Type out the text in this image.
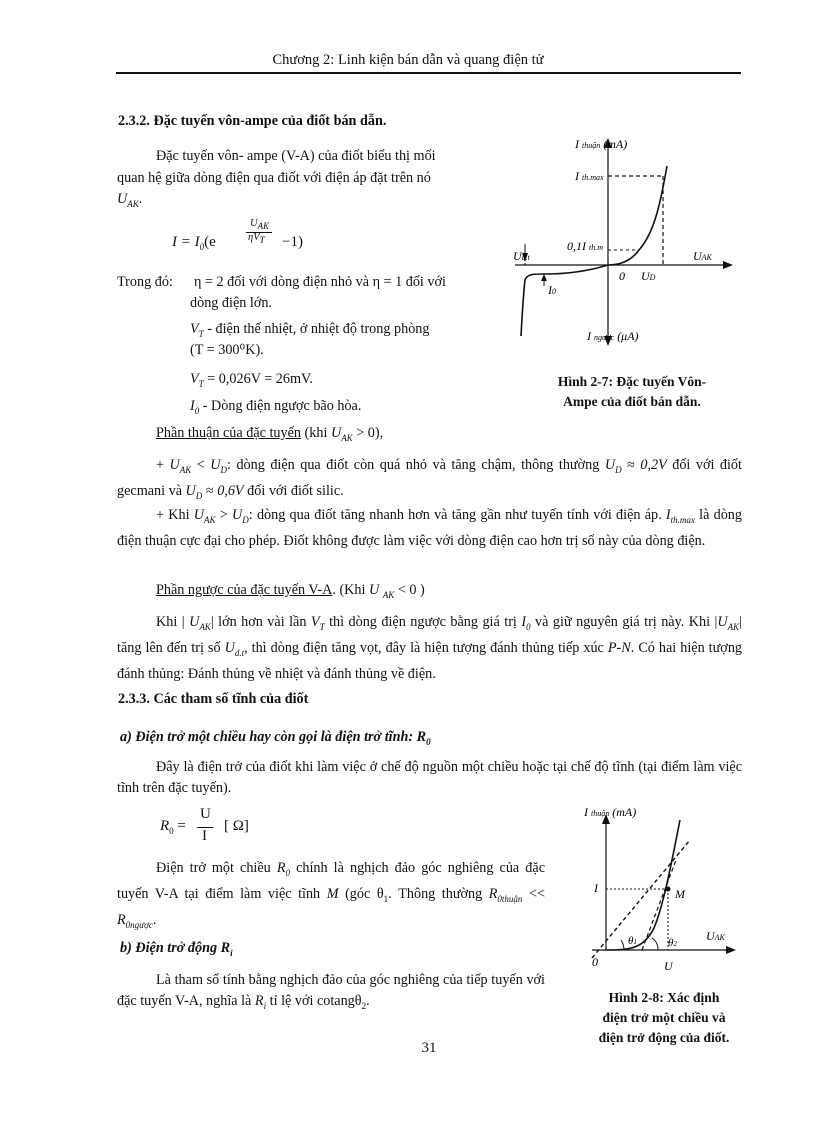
Chương 2: Linh kiện bán dẫn và quang điện tử
2.3.2. Đặc tuyến vôn-ampe của điốt bán dẫn.
Đặc tuyến vôn- ampe (V-A) của điốt biểu thị mối
quan hệ giữa dòng điện qua điốt với điện áp đặt trên nó
$U_{AK}$.
$I = I_0(e$
$U_{AK}$
$\eta V_T -1$)
Trong đó: η = 2 đối với dòng điện nhỏ và η = 1 đối với
dòng điện lớn.
$V_T$ - điện thế nhiệt, ở nhiệt độ trong phòng
(T = 300⁰K).
$V_T = 0,026V = 26mV$.
$I_0$ - Dòng điện ngược bão hòa.
Phần thuận của đặc tuyến (khi $U_{AK} > 0$),
+ $U_{AK} < U_D$: dòng điện qua điốt còn quá nhỏ và tăng chậm, thông thường $U_D \approx 0,2V$ đối với điốt gecmani và $U_D \approx 0,6V$ đối với điốt silic.
+ Khi $U_{AK} > U_D$: dòng qua điốt tăng nhanh hơn và tăng gần như tuyến tính với điện áp. $I_{th.max}$ là dòng điện thuận cực đại cho phép. Điốt không được làm việc với dòng điện cao hơn trị số này của dòng điện.
Phần ngược của đặc tuyến V-A. (Khi U $_{AK}$ < 0 )
Khi | $U_{AK}|$ lớn hơn vài lần $V_T$ thì dòng điện ngược bằng giá trị $I_0$ và giữ nguyên giá trị này. Khi $|U_{AK}|$ tăng lên đến trị số $U_{d.t}$, thì dòng điện tăng vọt, đây là hiện tượng đánh thủng tiếp xúc P-N. Có hai hiện tượng đánh thủng: Đánh thủng về nhiệt và đánh thủng về điện.
I thuận (mA)
I th.max
Ud.t
0,1I th.m
UAK
0 UD
I0
I ngược (μA)
Hình 2-7: Đặc tuyến Vôn-
Ampe của điốt bán dẫn.
2.3.3. Các tham số tĩnh của điốt
a) Điện trở một chiều hay còn gọi là điện trở tĩnh: $R_0$
Đây là điện trở của điốt khi làm việc ở chế độ nguồn một chiều hoặc tại chế độ tĩnh (tại điểm làm việc tĩnh trên đặc tuyến).
$R_0$ =
U
I
[ Ω]
Điện trở một chiều $R_0$ chính là nghịch đảo góc nghiêng của đặc tuyến V-A tại điểm làm việc tĩnh M (góc $\theta_1$. Thông thường $R_{0thuận} << R_{0ngược}$.
b) Điện trở động $R_i$
Là tham số tính bằng nghịch đảo của góc nghiêng của tiếp tuyến với đặc tuyến V-A, nghĩa là $R_i$ tỉ lệ với cotangθ$_2$.
I thuận (mA)
I	M
UAK
θ1	θ2
0	U
Hình 2-8: Xác định
điện trở một chiều và
điện trở động của điốt.
31
